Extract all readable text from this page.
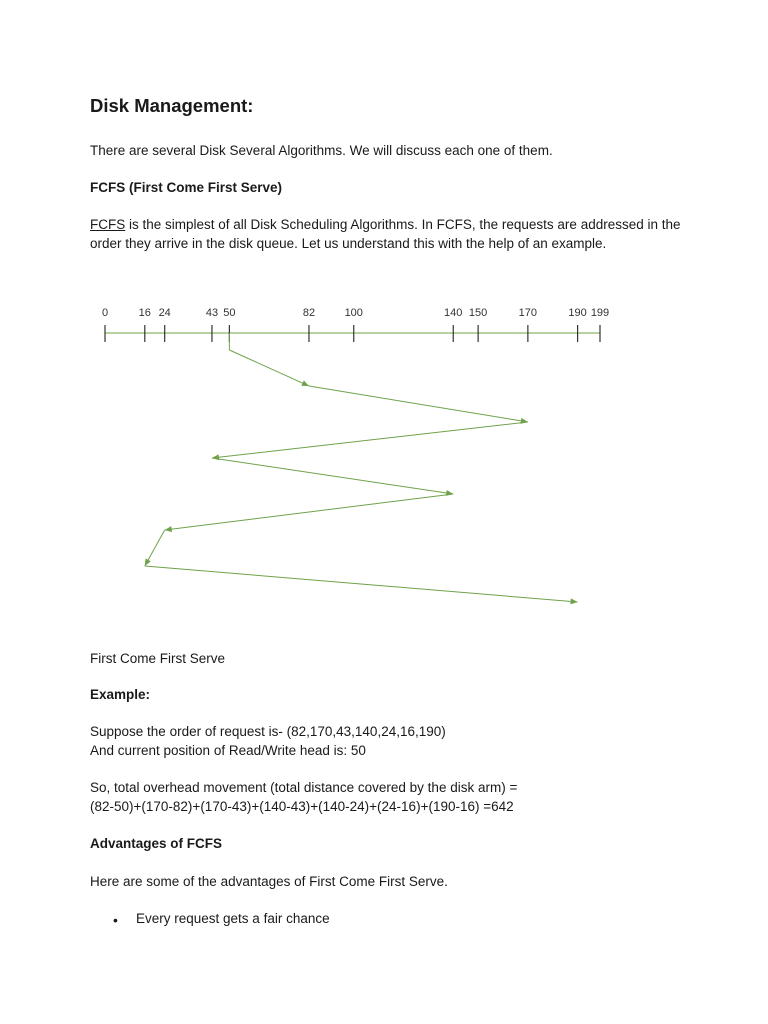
Disk Management:
There are several Disk Several Algorithms. We will discuss each one of them.
FCFS (First Come First Serve)
FCFS is the simplest of all Disk Scheduling Algorithms. In FCFS, the requests are addressed in the
order they arrive in the disk queue. Let us understand this with the help of an example.
0	16 24	43 50	82	100	140 150	170	190 199
First Come First Serve
Example:
Suppose the order of request is- (82,170,43,140,24,16,190)
And current position of Read/Write head is: 50
So, total overhead movement (total distance covered by the disk arm) =
(82-50)+(170-82)+(170-43)+(140-43)+(140-24)+(24-16)+(190-16) =642
Advantages of FCFS
Here are some of the advantages of First Come First Serve.
• Every request gets a fair chance
